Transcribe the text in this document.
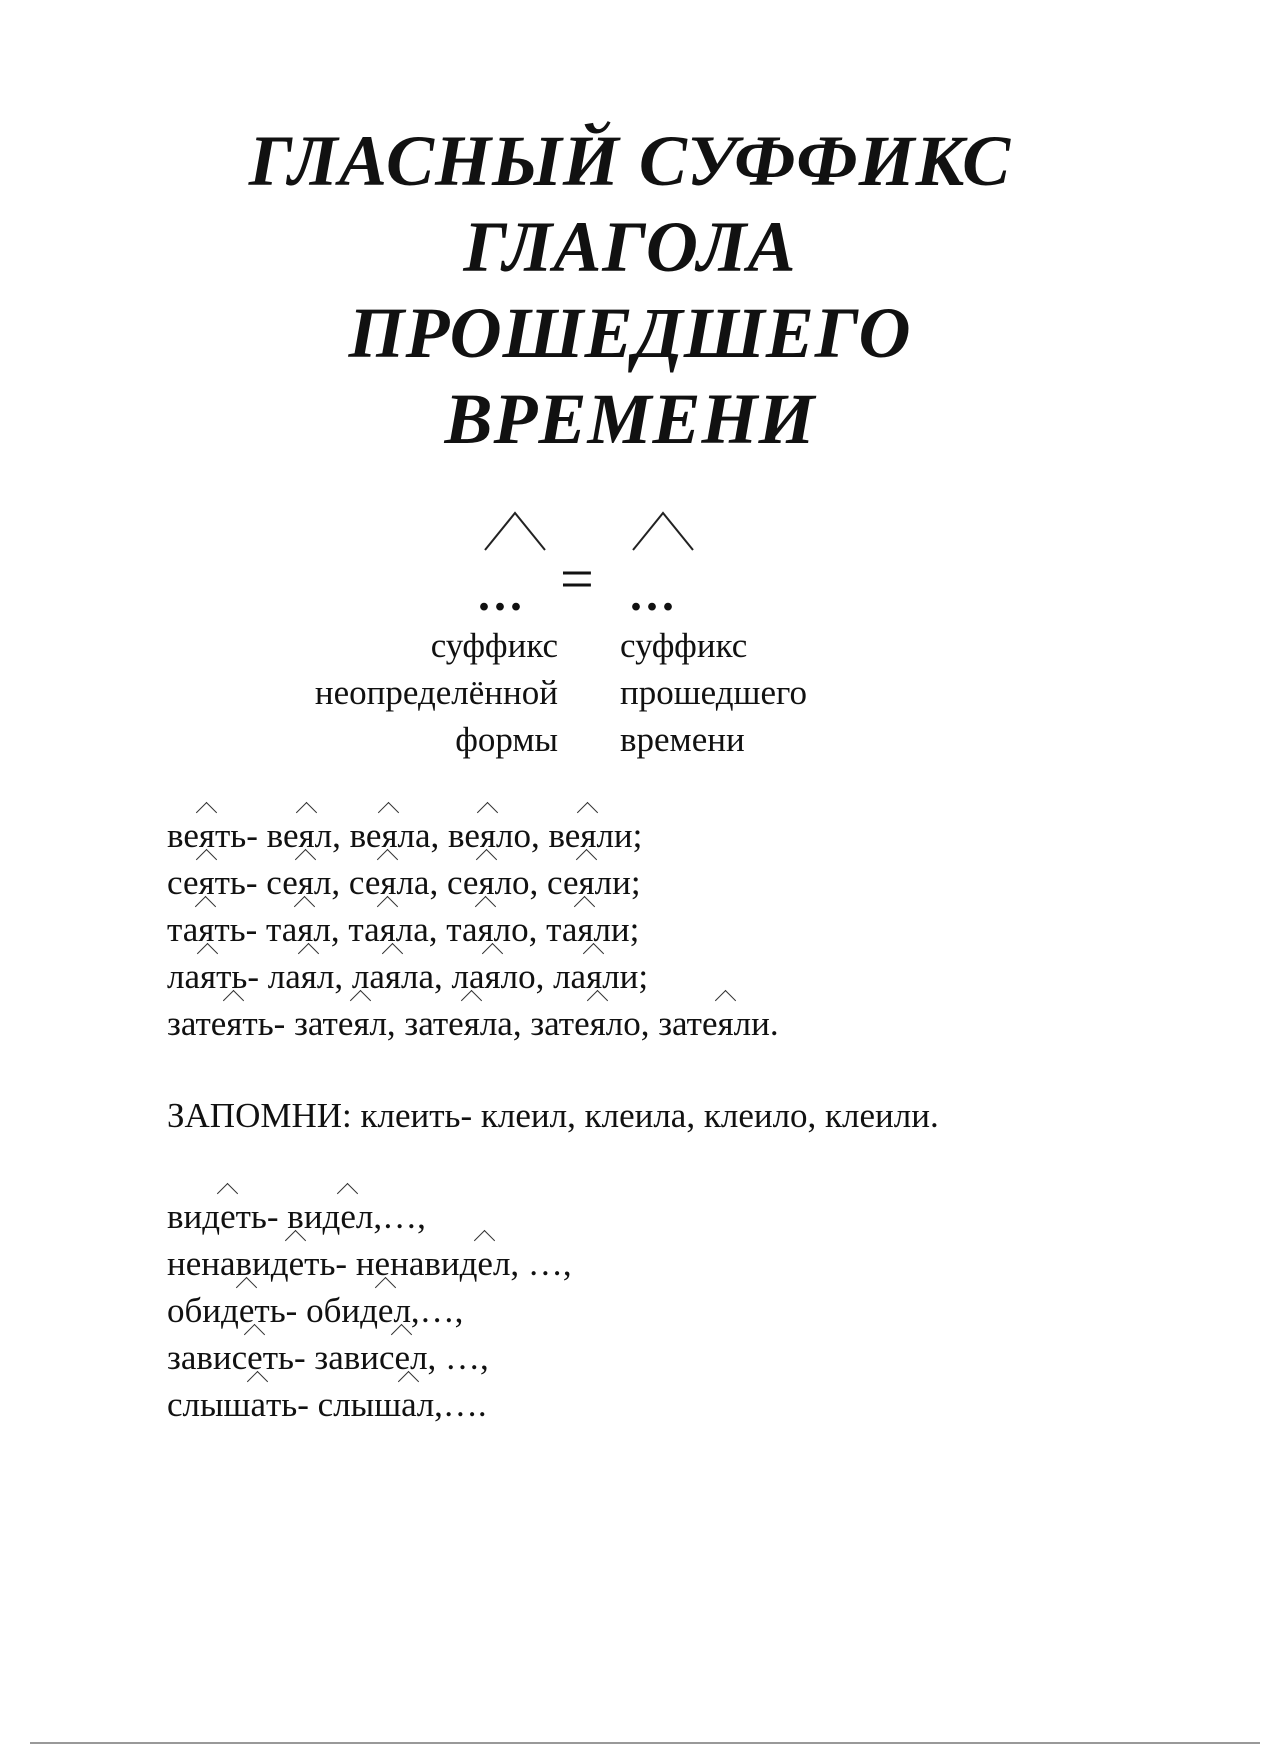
ГЛАСНЫЙ СУФФИКС
ГЛАГОЛА
ПРОШЕДШЕГО
ВРЕМЕНИ
... = ...
суффикс
неопределённой
формы
суффикс
прошедшего
времени
веять- веял, веяла, веяло, веяли;
сеять- сеял, сеяла, сеяло, сеяли;
таять- таял, таяла, таяло, таяли;
лаять- лаял, лаяла, лаяло, лаяли;
затеять- затеял, затеяла, затеяло, затеяли.
ЗАПОМНИ: клеить- клеил, клеила, клеило, клеили.
видеть- видел,…,
ненавидеть- ненавидел, …,
обидеть- обидел,…,
зависеть- зависел, …,
слышать- слышал,….
